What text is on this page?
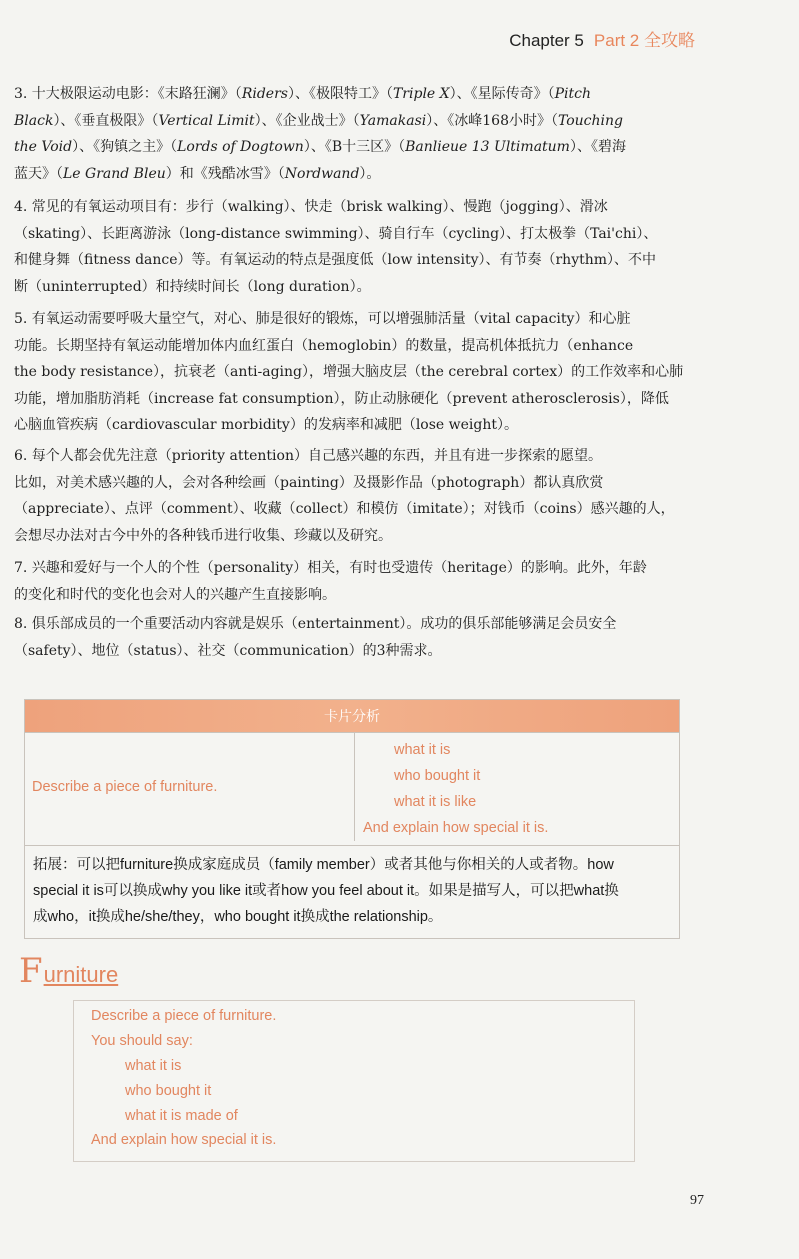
Chapter 5 Part 2 全攻略
3. 十大极限运动电影：《末路狂澜》（Riders）、《极限特工》（Triple X）、《星际传奇》（Pitch
Black）、《垂直极限》（Vertical Limit）、《企业战士》（Yamakasi）、《冰峰168小时》（Touching
the Void）、《狗镇之主》（Lords of Dogtown）、《B十三区》（Banlieue 13 Ultimatum）、《碧海
蓝天》（Le Grand Bleu）和《残酷冰雪》（Nordwand）。
4. 常见的有氧运动项目有：步行（walking）、快走（brisk walking）、慢跑（jogging）、滑冰
（skating）、长距离游泳（long-distance swimming）、骑自行车（cycling）、打太极拳（Tai'chi）、
和健身舞（fitness dance）等。有氧运动的特点是强度低（low intensity）、有节奏（rhythm）、不中
断（uninterrupted）和持续时间长（long duration）。
5. 有氧运动需要呼吸大量空气，对心、肺是很好的锻炼，可以增强肺活量（vital capacity）和心脏
功能。长期坚持有氧运动能增加体内血红蛋白（hemoglobin）的数量，提高机体抵抗力（enhance
the body resistance），抗衰老（anti-aging），增强大脑皮层（the cerebral cortex）的工作效率和心肺
功能，增加脂肪消耗（increase fat consumption），防止动脉硬化（prevent atherosclerosis），降低
心脑血管疾病（cardiovascular morbidity）的发病率和减肥（lose weight）。
6. 每个人都会优先注意（priority attention）自己感兴趣的东西，并且有进一步探索的愿望。
比如，对美术感兴趣的人，会对各种绘画（painting）及摄影作品（photograph）都认真欣赏
（appreciate）、点评（comment）、收藏（collect）和模仿（imitate）；对钱币（coins）感兴趣的人，
会想尽办法对古今中外的各种钱币进行收集、珍藏以及研究。
7. 兴趣和爱好与一个人的个性（personality）相关，有时也受遗传（heritage）的影响。此外，年龄
的变化和时代的变化也会对人的兴趣产生直接影响。
8. 俱乐部成员的一个重要活动内容就是娱乐（entertainment）。成功的俱乐部能够满足会员安全
（safety）、地位（status）、社交（communication）的3种需求。
卡片分析
Describe a piece of furniture.
what it is
who bought it
what it is like
And explain how special it is.
拓展：可以把furniture换成家庭成员（family member）或者其他与你相关的人或者物。how
special it is可以换成why you like it或者how you feel about it。如果是描写人，可以把what换
成who，it换成he/she/they，who bought it换成the relationship。
Furniture
Describe a piece of furniture.
You should say:
what it is
who bought it
what it is made of
And explain how special it is.
97
